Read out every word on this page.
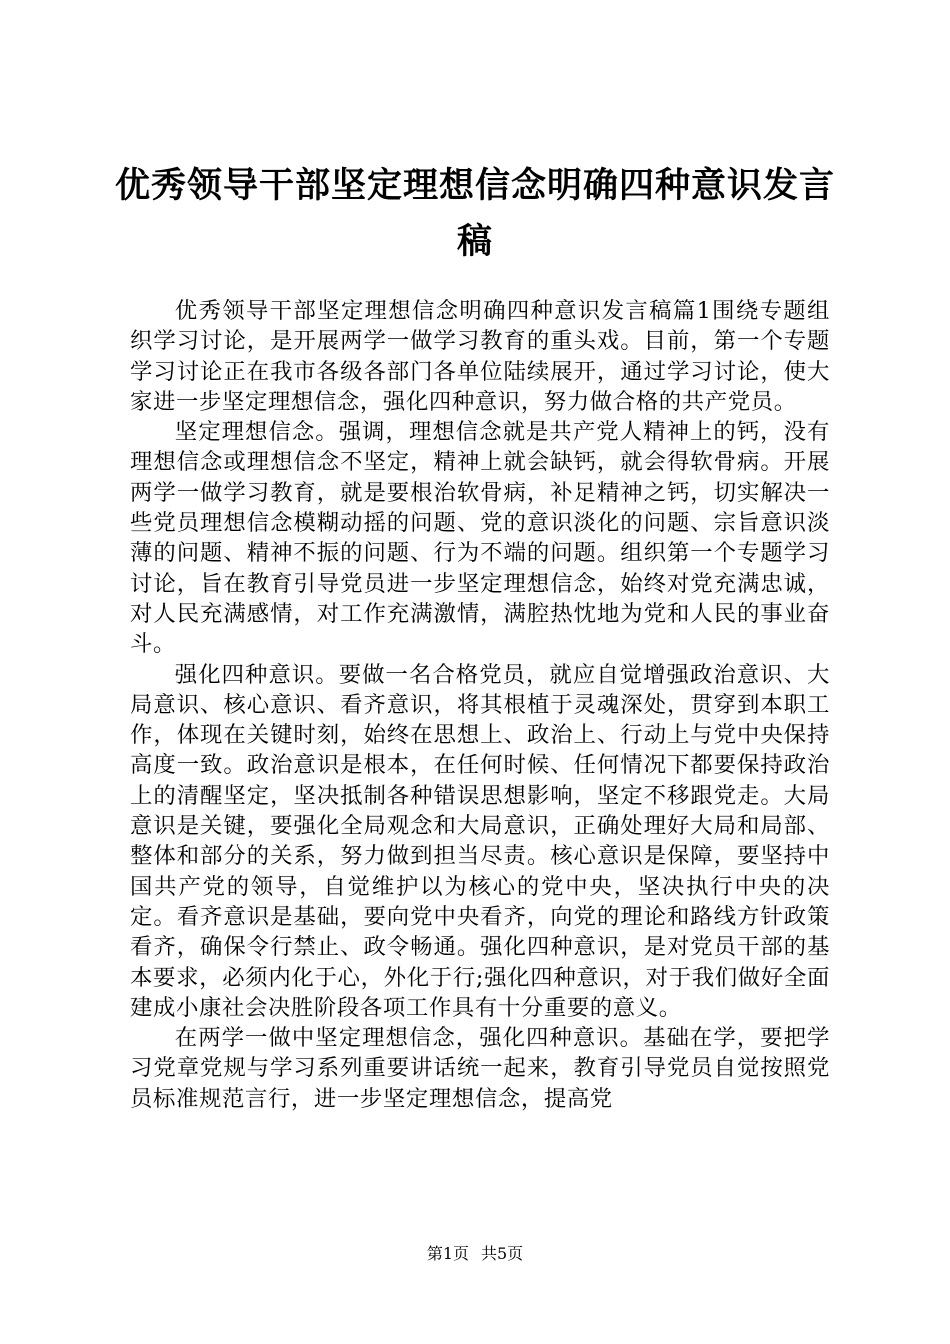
优秀领导干部坚定理想信念明确四种意识发言稿

优秀领导干部坚定理想信念明确四种意识发言稿篇1围绕专题组织学习讨论，是开展两学一做学习教育的重头戏。目前，第一个专题学习讨论正在我市各级各部门各单位陆续展开，通过学习讨论，使大家进一步坚定理想信念，强化四种意识，努力做合格的共产党员。

坚定理想信念。强调，理想信念就是共产党人精神上的钙，没有理想信念或理想信念不坚定，精神上就会缺钙，就会得软骨病。开展两学一做学习教育，就是要根治软骨病，补足精神之钙，切实解决一些党员理想信念模糊动摇的问题、党的意识淡化的问题、宗旨意识淡薄的问题、精神不振的问题、行为不端的问题。组织第一个专题学习讨论，旨在教育引导党员进一步坚定理想信念，始终对党充满忠诚，对人民充满感情，对工作充满激情，满腔热忱地为党和人民的事业奋斗。

强化四种意识。要做一名合格党员，就应自觉增强政治意识、大局意识、核心意识、看齐意识，将其根植于灵魂深处，贯穿到本职工作，体现在关键时刻，始终在思想上、政治上、行动上与党中央保持高度一致。政治意识是根本，在任何时候、任何情况下都要保持政治上的清醒坚定，坚决抵制各种错误思想影响，坚定不移跟党走。大局意识是关键，要强化全局观念和大局意识，正确处理好大局和局部、整体和部分的关系，努力做到担当尽责。核心意识是保障，要坚持中国共产党的领导，自觉维护以为核心的党中央，坚决执行中央的决定。看齐意识是基础，要向党中央看齐，向党的理论和路线方针政策看齐，确保令行禁止、政令畅通。强化四种意识，是对党员干部的基本要求，必须内化于心，外化于行;强化四种意识，对于我们做好全面建成小康社会决胜阶段各项工作具有十分重要的意义。

在两学一做中坚定理想信念，强化四种意识。基础在学，要把学习党章党规与学习系列重要讲话统一起来，教育引导党员自觉按照党员标准规范言行，进一步坚定理想信念，提高党

第1页 共5页
